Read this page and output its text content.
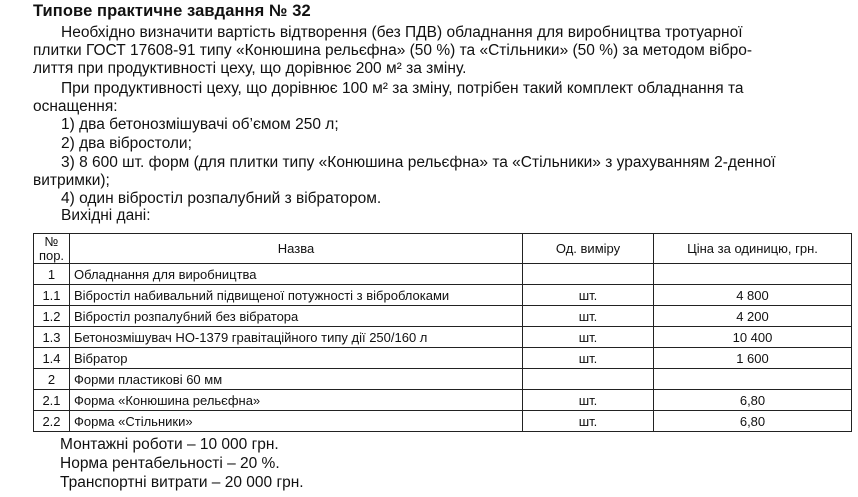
Типове практичне завдання № 32
Необхідно визначити вартість відтворення (без ПДВ) обладнання для виробництва тротуарної
плитки ГОСТ 17608-91 типу «Конюшина рельєфна» (50 %) та «Стільники» (50 %) за методом вібро-
лиття при продуктивності цеху, що дорівнює 200 м² за зміну.
При продуктивності цеху, що дорівнює 100 м² за зміну, потрібен такий комплект обладнання та
оснащення:
1) два бетонозмішувачі об’ємом 250 л;
2) два вібростоли;
3) 8 600 шт. форм (для плитки типу «Конюшина рельєфна» та «Стільники» з урахуванням 2-денної
витримки);
4) один вібростіл розпалубний з вібратором.
Вихідні дані:
№ пор.	Назва	Од. виміру	Ціна за одиницю, грн.
1	Обладнання для виробництва		
1.1	Вібростіл набивальний підвищеної потужності з віброблоками	шт.	4 800
1.2	Вібростіл розпалубний без вібратора	шт.	4 200
1.3	Бетонозмішувач НО-1379 гравітаційного типу дії 250/160 л	шт.	10 400
1.4	Вібратор	шт.	1 600
2	Форми пластикові 60 мм		
2.1	Форма «Конюшина рельєфна»	шт.	6,80
2.2	Форма «Стільники»	шт.	6,80
Монтажні роботи – 10 000 грн.
Норма рентабельності – 20 %.
Транспортні витрати – 20 000 грн.
